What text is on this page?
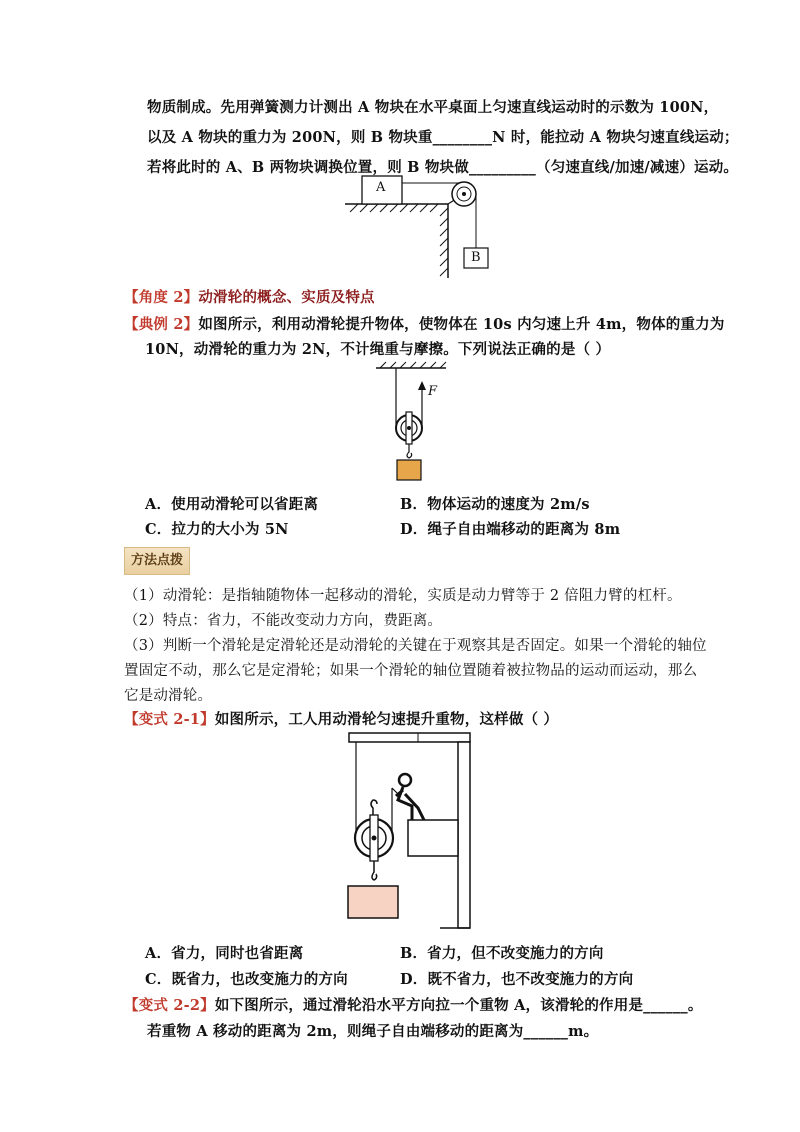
物质制成。先用弹簧测力计测出 A 物块在水平桌面上匀速直线运动时的示数为 100N，
以及 A 物块的重力为 200N，则 B 物块重________N 时，能拉动 A 物块匀速直线运动；
若将此时的 A、B 两物块调换位置，则 B 物块做_________（匀速直线/加速/减速）运动。
A
B
【角度 2】动滑轮的概念、实质及特点
【典例 2】如图所示，利用动滑轮提升物体，使物体在 10s 内匀速上升 4m，物体的重力为
10N，动滑轮的重力为 2N，不计绳重与摩擦。下列说法正确的是（ ）
F
A．使用动滑轮可以省距离	B．物体运动的速度为 2m/s
C．拉力的大小为 5N	D．绳子自由端移动的距离为 8m
方法点拨
（1）动滑轮：是指轴随物体一起移动的滑轮，实质是动力臂等于 2 倍阻力臂的杠杆。
（2）特点：省力，不能改变动力方向，费距离。
（3）判断一个滑轮是定滑轮还是动滑轮的关键在于观察其是否固定。如果一个滑轮的轴位
置固定不动，那么它是定滑轮；如果一个滑轮的轴位置随着被拉物品的运动而运动，那么
它是动滑轮。
【变式 2-1】如图所示，工人用动滑轮匀速提升重物，这样做（ ）
A．省力，同时也省距离	B．省力，但不改变施力的方向
C．既省力，也改变施力的方向	D．既不省力，也不改变施力的方向
【变式 2-2】如下图所示，通过滑轮沿水平方向拉一个重物 A，该滑轮的作用是______。
若重物 A 移动的距离为 2m，则绳子自由端移动的距离为______m。
